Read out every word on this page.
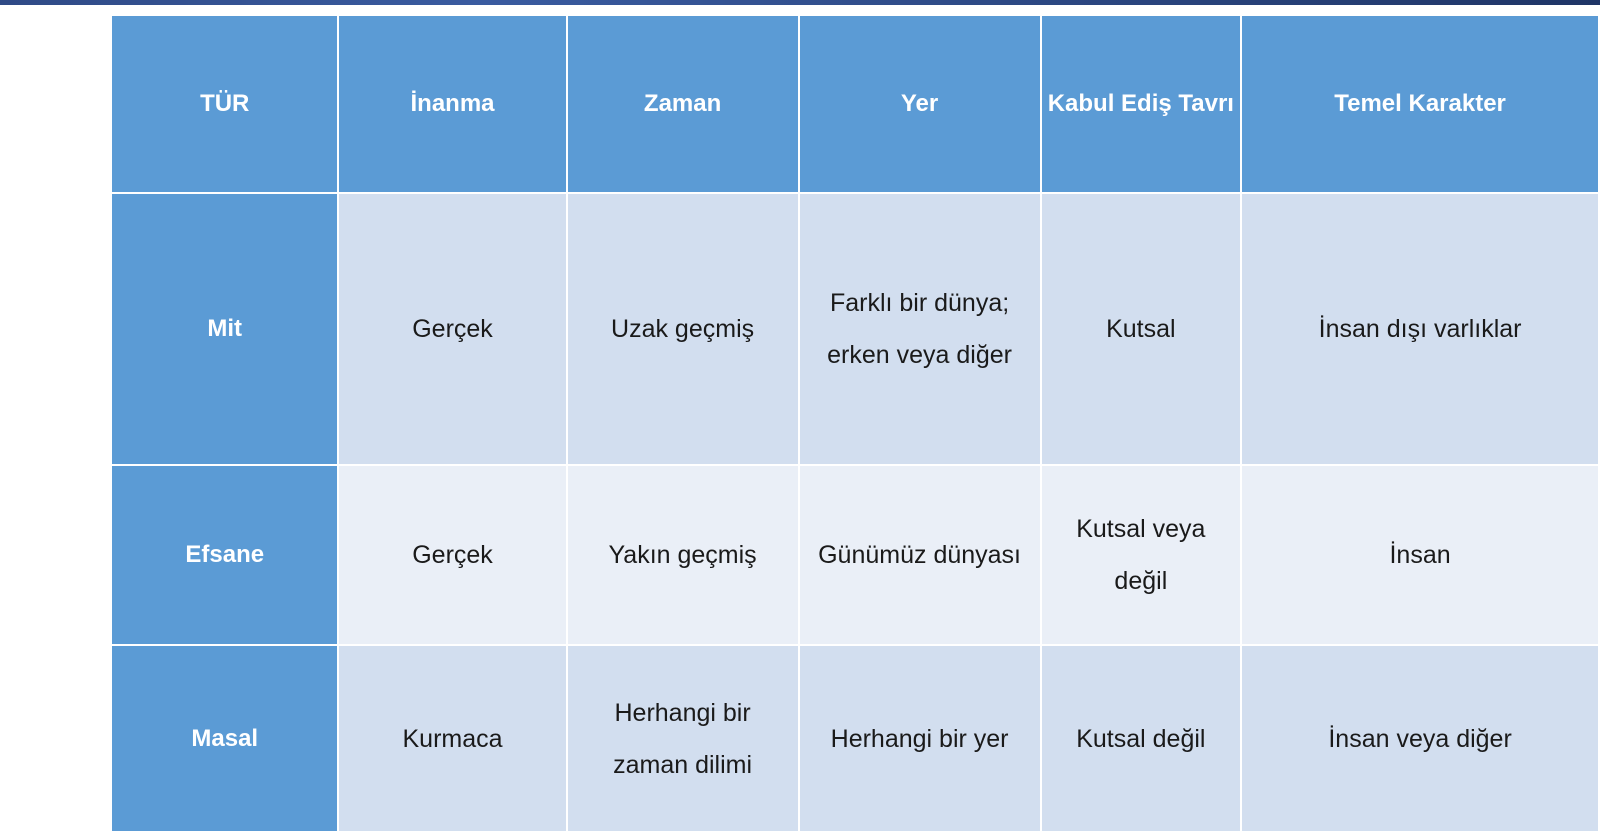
TÜR	İnanma	Zaman	Yer	Kabul Ediş Tavrı	Temel Karakter
Mit	Gerçek	Uzak geçmiş	Farklı bir dünya; erken veya diğer	Kutsal	İnsan dışı varlıklar
Efsane	Gerçek	Yakın geçmiş	Günümüz dünyası	Kutsal veya değil	İnsan
Masal	Kurmaca	Herhangi bir zaman dilimi	Herhangi bir yer	Kutsal değil	İnsan veya diğer
